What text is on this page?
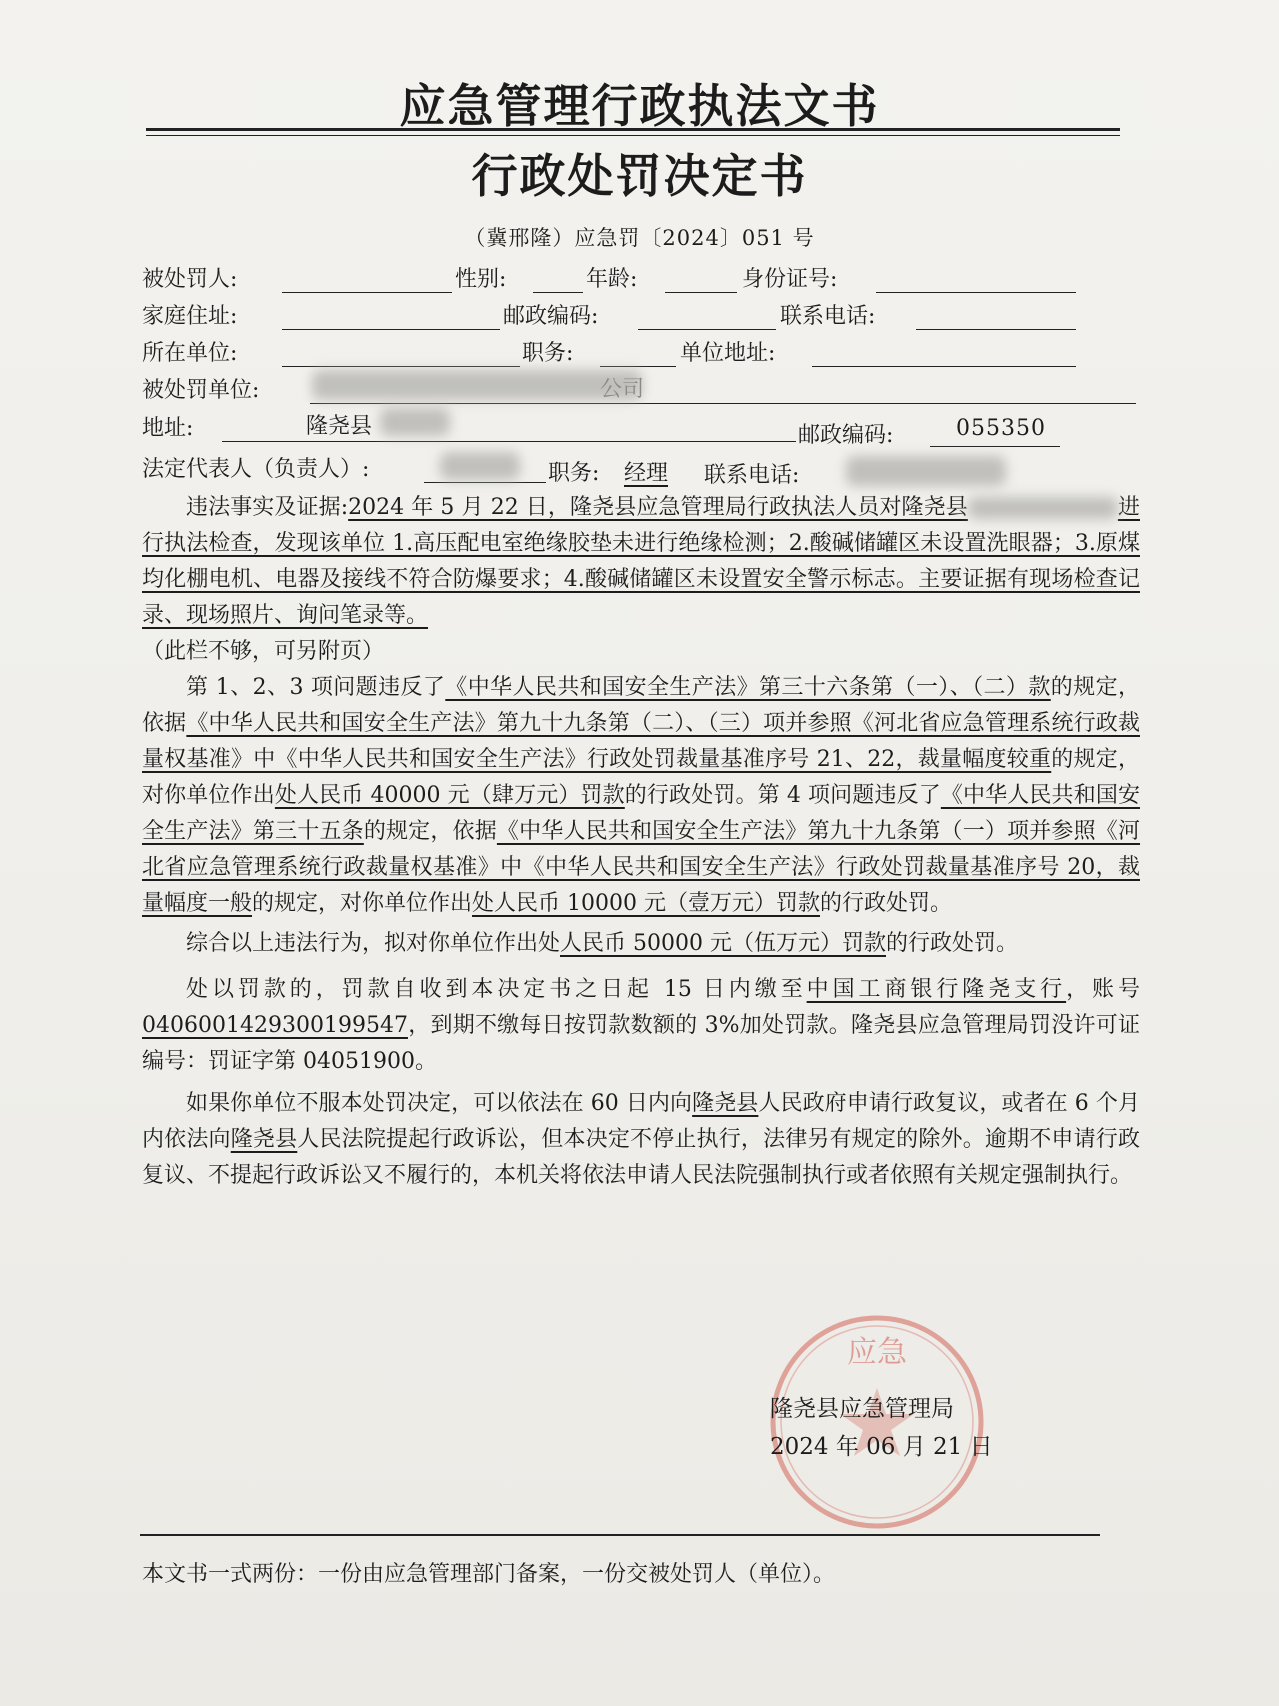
应急管理行政执法文书
行政处罚决定书
（冀邢隆）应急罚〔2024〕051 号
被处罚人:	性别:	年龄:	身份证号:
家庭住址:	邮政编码:	联系电话:
所在单位:	职务:	单位地址:
被处罚单位:	公司
地址:	隆尧县	邮政编码:	055350
法定代表人（负责人）:	职务: 经理 联系电话:

违法事实及证据:2024 年 5 月 22 日，隆尧县应急管理局行政执法人员对隆尧县	进行执法检查，发现该单位 1.高压配电室绝缘胶垫未进行绝缘检测；2.酸碱储罐区未设置洗眼器；3.原煤均化棚电机、电器及接线不符合防爆要求；4.酸碱储罐区未设置安全警示标志。主要证据有现场检查记录、现场照片、询问笔录等。

（此栏不够，可另附页）

第 1、2、3 项问题违反了《中华人民共和国安全生产法》第三十六条第（一）、（二）款的规定，依据《中华人民共和国安全生产法》第九十九条第（二）、（三）项并参照《河北省应急管理系统行政裁量权基准》中《中华人民共和国安全生产法》行政处罚裁量基准序号 21、22，裁量幅度较重的规定，对你单位作出处人民币 40000 元（肆万元）罚款的行政处罚。第 4 项问题违反了《中华人民共和国安全生产法》第三十五条的规定，依据《中华人民共和国安全生产法》第九十九条第（一）项并参照《河北省应急管理系统行政裁量权基准》中《中华人民共和国安全生产法》行政处罚裁量基准序号 20，裁量幅度一般的规定，对你单位作出处人民币 10000 元（壹万元）罚款的行政处罚。

综合以上违法行为，拟对你单位作出处人民币 50000 元（伍万元）罚款的行政处罚。

处以罚款的，罚款自收到本决定书之日起 15 日内缴至中国工商银行隆尧支行，账号0406001429300199547，到期不缴每日按罚款数额的 3%加处罚款。隆尧县应急管理局罚没许可证编号：罚证字第 04051900。

如果你单位不服本处罚决定，可以依法在 60 日内向隆尧县人民政府申请行政复议，或者在 6 个月内依法向隆尧县人民法院提起行政诉讼，但本决定不停止执行，法律另有规定的除外。逾期不申请行政复议、不提起行政诉讼又不履行的，本机关将依法申请人民法院强制执行或者依照有关规定强制执行。

应急
隆尧县应急管理局
2024 年 06 月 21 日
本文书一式两份：一份由应急管理部门备案，一份交被处罚人（单位）。
